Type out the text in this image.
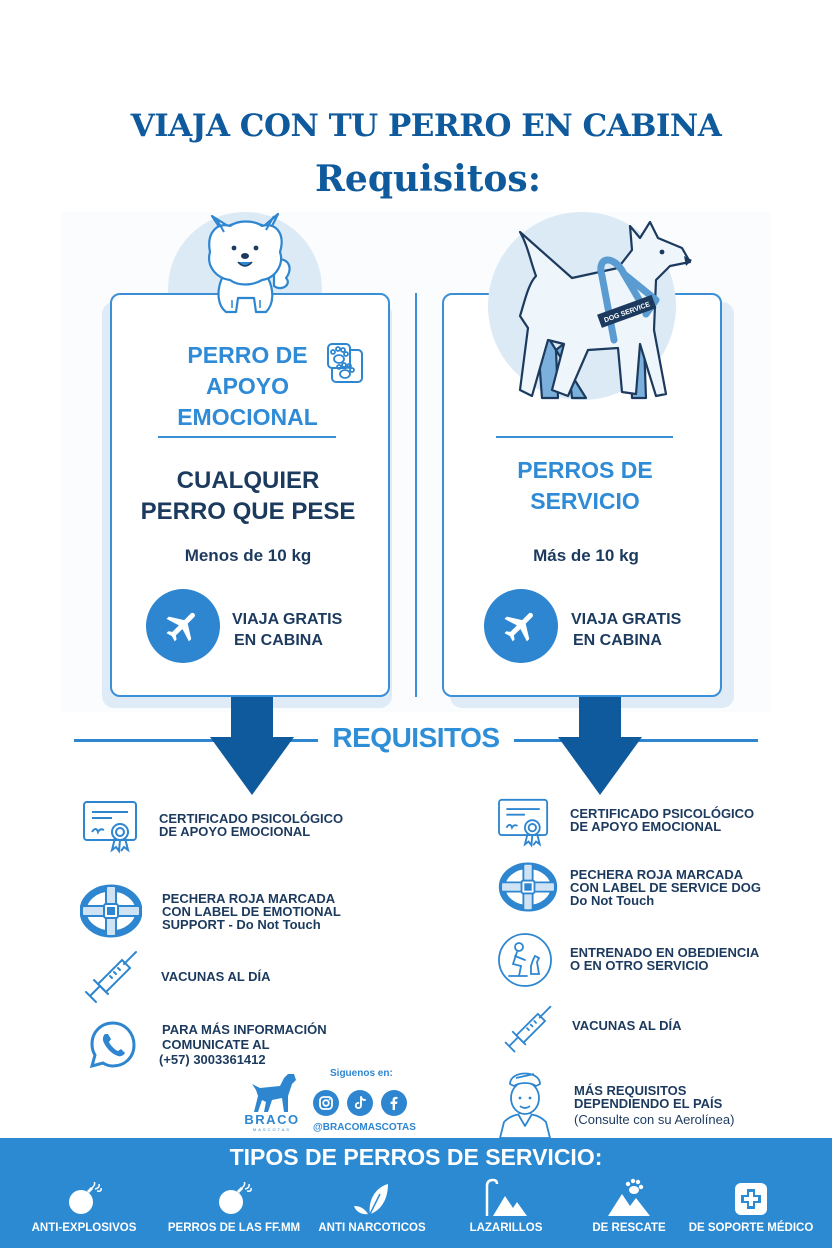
VIAJA CON TU PERRO EN CABINA
Requisitos:
PERRO DE
APOYO
EMOCIONAL
CUALQUIER
PERRO QUE PESE
Menos de 10 kg
VIAJA GRATIS
EN CABINA
DOG SERVICE
PERROS DE
SERVICIO
Más de 10 kg
VIAJA GRATIS
EN CABINA
REQUISITOS
CERTIFICADO PSICOLÓGICO
DE APOYO EMOCIONAL
PECHERA ROJA MARCADA
CON LABEL DE EMOTIONAL
SUPPORT - Do Not Touch
VACUNAS AL DÍA
PARA MÁS INFORMACIÓN
COMUNICATE AL
(+57) 3003361412
BRACO
MASCOTAS
Siguenos en:
@BRACOMASCOTAS
CERTIFICADO PSICOLÓGICO
DE APOYO EMOCIONAL
PECHERA ROJA MARCADA
CON LABEL DE SERVICE DOG
Do Not Touch
ENTRENADO EN OBEDIENCIA
O EN OTRO SERVICIO
VACUNAS AL DÍA
MÁS REQUISITOS
DEPENDIENDO EL PAÍS
(Consulte con su Aerolínea)
TIPOS DE PERROS DE SERVICIO:
ANTI-EXPLOSIVOS	PERROS DE LAS FF.MM	ANTI NARCOTICOS	LAZARILLOS	DE RESCATE	DE SOPORTE MÉDICO
